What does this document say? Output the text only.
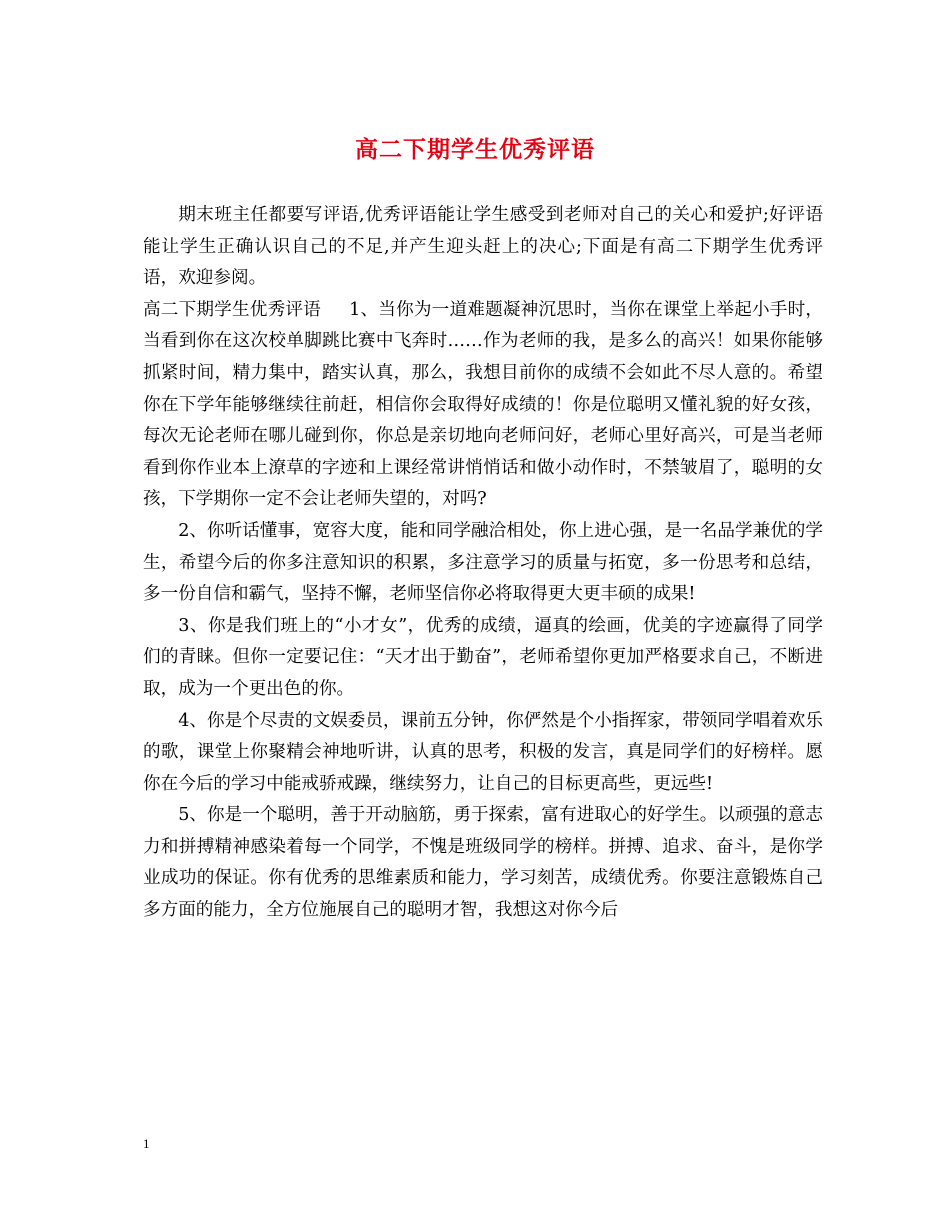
高二下期学生优秀评语

期末班主任都要写评语,优秀评语能让学生感受到老师对自己的关心和爱护;好评语能让学生正确认识自己的不足,并产生迎头赶上的决心;下面是有高二下期学生优秀评语，欢迎参阅。

高二下期学生优秀评语 1、当你为一道难题凝神沉思时，当你在课堂上举起小手时，当看到你在这次校单脚跳比赛中飞奔时……作为老师的我，是多么的高兴！如果你能够抓紧时间，精力集中，踏实认真，那么，我想目前你的成绩不会如此不尽人意的。希望你在下学年能够继续往前赶，相信你会取得好成绩的！你是位聪明又懂礼貌的好女孩，每次无论老师在哪儿碰到你，你总是亲切地向老师问好，老师心里好高兴，可是当老师看到你作业本上潦草的字迹和上课经常讲悄悄话和做小动作时，不禁皱眉了，聪明的女孩，下学期你一定不会让老师失望的，对吗?

2、你听话懂事，宽容大度，能和同学融洽相处，你上进心强，是一名品学兼优的学生，希望今后的你多注意知识的积累，多注意学习的质量与拓宽，多一份思考和总结，多一份自信和霸气，坚持不懈，老师坚信你必将取得更大更丰硕的成果!

3、你是我们班上的“小才女”，优秀的成绩，逼真的绘画，优美的字迹赢得了同学们的青睐。但你一定要记住：“天才出于勤奋”，老师希望你更加严格要求自己，不断进取，成为一个更出色的你。

4、你是个尽责的文娱委员，课前五分钟，你俨然是个小指挥家，带领同学唱着欢乐的歌，课堂上你聚精会神地听讲，认真的思考，积极的发言，真是同学们的好榜样。愿你在今后的学习中能戒骄戒躁，继续努力，让自己的目标更高些，更远些!

5、你是一个聪明，善于开动脑筋，勇于探索，富有进取心的好学生。以顽强的意志力和拼搏精神感染着每一个同学，不愧是班级同学的榜样。拼搏、追求、奋斗，是你学业成功的保证。你有优秀的思维素质和能力，学习刻苦，成绩优秀。你要注意锻炼自己多方面的能力，全方位施展自己的聪明才智，我想这对你今后

1
